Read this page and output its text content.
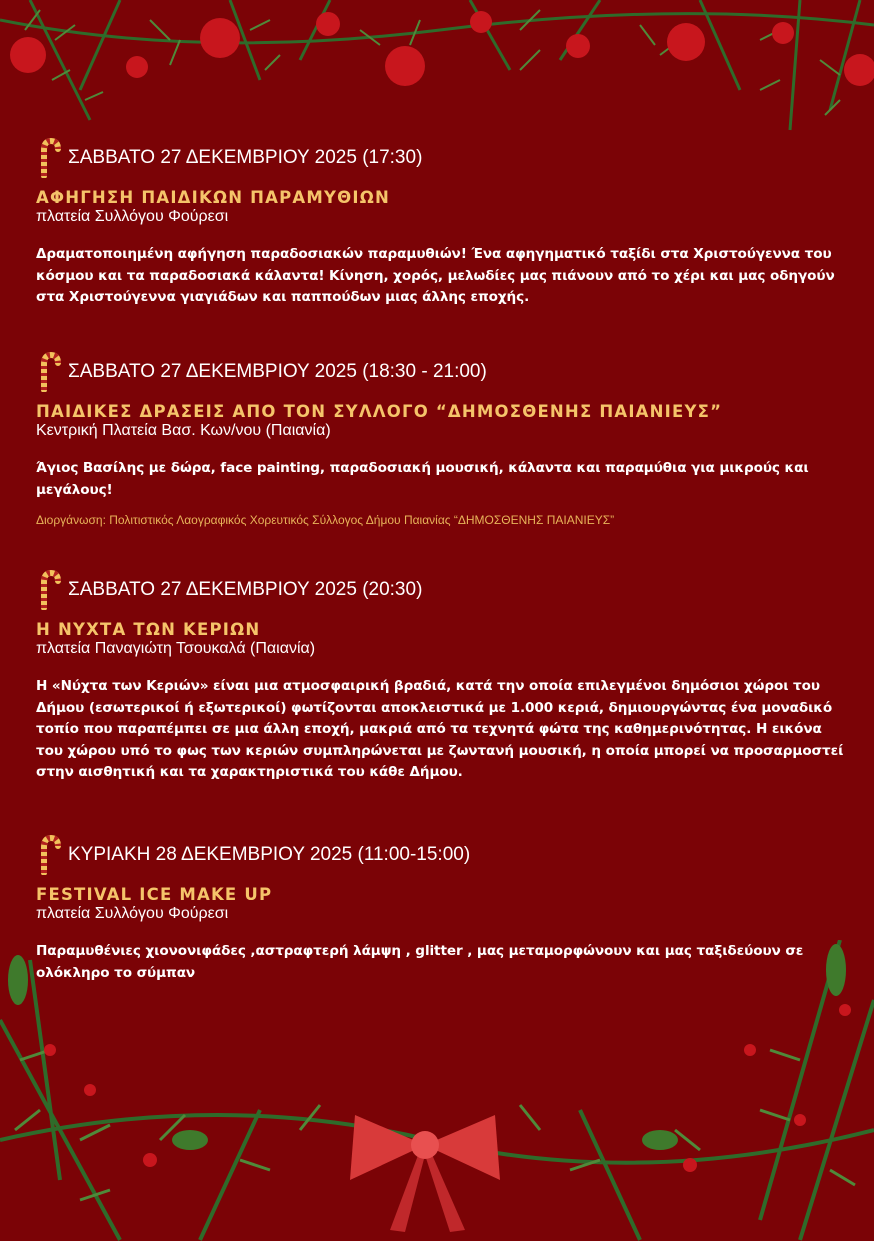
ΣΑΒΒΑΤΟ 27 ΔΕΚΕΜΒΡΙΟΥ 2025 (17:30)
ΑΦΗΓΗΣΗ ΠΑΙΔΙΚΩΝ ΠΑΡΑΜΥΘΙΩΝ
πλατεία Συλλόγου Φούρεσι
Δραματοποιημένη αφήγηση παραδοσιακών παραμυθιών! Ένα αφηγηματικό ταξίδι στα Χριστούγεννα του κόσμου και τα παραδοσιακά κάλαντα! Κίνηση, χορός, μελωδίες μας πιάνουν από το χέρι και μας οδηγούν στα Χριστούγεννα γιαγιάδων και παππούδων μιας άλλης εποχής.
ΣΑΒΒΑΤΟ 27 ΔΕΚΕΜΒΡΙΟΥ 2025 (18:30 - 21:00)
ΠΑΙΔΙΚΕΣ ΔΡΑΣΕΙΣ ΑΠΟ ΤΟΝ ΣΥΛΛΟΓΟ “ΔΗΜΟΣΘΕΝΗΣ ΠΑΙΑΝΙΕΥΣ”
Κεντρική Πλατεία Βασ. Κων/νου (Παιανία)
Άγιος Βασίλης με δώρα, face painting, παραδοσιακή μουσική, κάλαντα και παραμύθια για μικρούς και μεγάλους!
Διοργάνωση: Πολιτιστικός Λαογραφικός Χορευτικός Σύλλογος Δήμου Παιανίας “ΔΗΜΟΣΘΕΝΗΣ ΠΑΙΑΝΙΕΥΣ”
ΣΑΒΒΑΤΟ 27 ΔΕΚΕΜΒΡΙΟΥ 2025 (20:30)
Η ΝΥΧΤΑ ΤΩΝ ΚΕΡΙΩΝ
πλατεία Παναγιώτη Τσουκαλά (Παιανία)
Η «Νύχτα των Κεριών» είναι μια ατμοσφαιρική βραδιά, κατά την οποία επιλεγμένοι δημόσιοι χώροι του Δήμου (εσωτερικοί ή εξωτερικοί) φωτίζονται αποκλειστικά με 1.000 κεριά, δημιουργώντας ένα μοναδικό τοπίο που παραπέμπει σε μια άλλη εποχή, μακριά από τα τεχνητά φώτα της καθημερινότητας. Η εικόνα του χώρου υπό το φως των κεριών συμπληρώνεται με ζωντανή μουσική, η οποία μπορεί να προσαρμοστεί στην αισθητική και τα χαρακτηριστικά του κάθε Δήμου.
ΚΥΡΙΑΚΗ 28 ΔΕΚΕΜΒΡΙΟΥ 2025 (11:00-15:00)
FESTIVAL ICE MAKE UP
πλατεία Συλλόγου Φούρεσι
Παραμυθένιες χιονονιφάδες ,αστραφτερή λάμψη , glitter , μας μεταμορφώνουν και μας ταξιδεύουν σε ολόκληρο το σύμπαν
